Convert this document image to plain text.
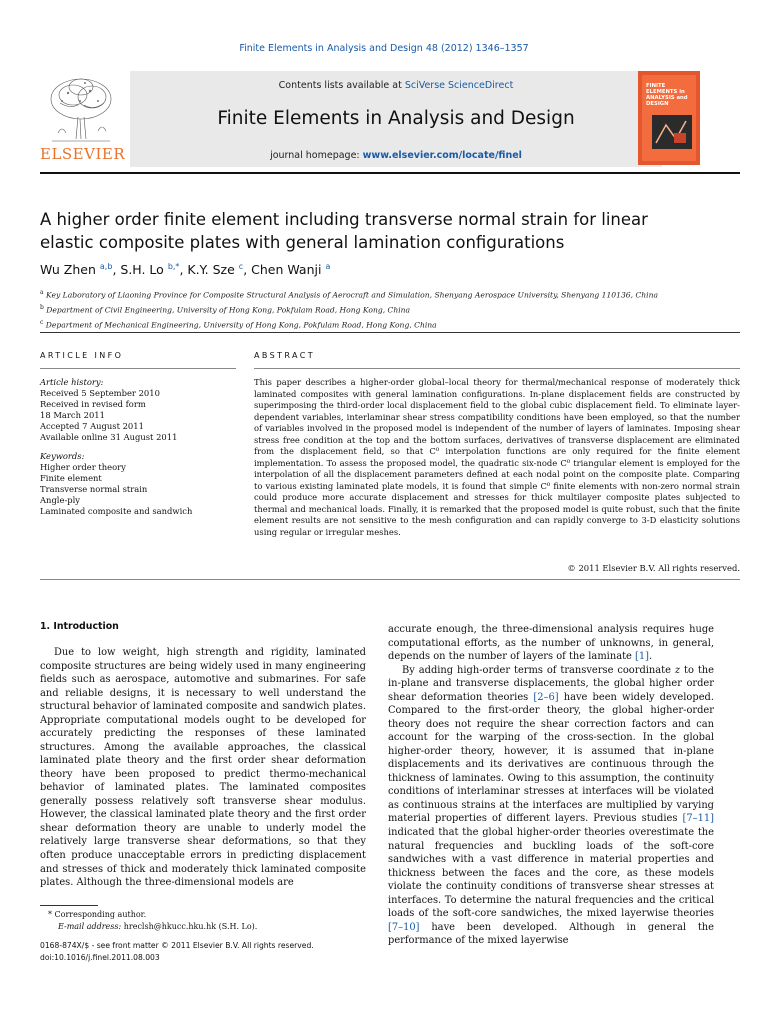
Finite Elements in Analysis and Design 48 (2012) 1346–1357
ELSEVIER
Contents lists available at SciVerse ScienceDirect
Finite Elements in Analysis and Design
journal homepage: www.elsevier.com/locate/finel
FINITE ELEMENTS in ANALYSIS and DESIGN
A higher order finite element including transverse normal strain for linear
elastic composite plates with general lamination configurations
Wu Zhen $^{a,b}$, S.H. Lo $^{b,*}$, K.Y. Sze $^c$, Chen Wanji $^a$
$^a$ Key Laboratory of Liaoning Province for Composite Structural Analysis of Aerocraft and Simulation, Shenyang Aerospace University, Shenyang 110136, China
$^b$ Department of Civil Engineering, University of Hong Kong, Pokfulam Road, Hong Kong, China
$^c$ Department of Mechanical Engineering, University of Hong Kong, Pokfulam Road, Hong Kong, China
ARTICLE INFO	ABSTRACT
Article history:
Received 5 September 2010
Received in revised form
18 March 2011
Accepted 7 August 2011
Available online 31 August 2011
Keywords:
Higher order theory
Finite element
Transverse normal strain
Angle-ply
Laminated composite and sandwich
This paper describes a higher-order global–local theory for thermal/mechanical response of moderately thick laminated composites with general lamination configurations. In-plane displacement fields are constructed by superimposing the third-order local displacement field to the global cubic displacement field. To eliminate layer-dependent variables, interlaminar shear stress compatibility conditions have been employed, so that the number of variables involved in the proposed model is independent of the number of layers of laminates. Imposing shear stress free condition at the top and the bottom surfaces, derivatives of transverse displacement are eliminated from the displacement field, so that C⁰ interpolation functions are only required for the finite element implementation. To assess the proposed model, the quadratic six-node C⁰ triangular element is employed for the interpolation of all the displacement parameters defined at each nodal point on the composite plate. Comparing to various existing laminated plate models, it is found that simple C⁰ finite elements with non-zero normal strain could produce more accurate displacement and stresses for thick multilayer composite plates subjected to thermal and mechanical loads. Finally, it is remarked that the proposed model is quite robust, such that the finite element results are not sensitive to the mesh configuration and can rapidly converge to 3-D elasticity solutions using regular or irregular meshes.
© 2011 Elsevier B.V. All rights reserved.
1. Introduction

Due to low weight, high strength and rigidity, laminated composite structures are being widely used in many engineering fields such as aerospace, automotive and submarines. For safe and reliable designs, it is necessary to well understand the structural behavior of laminated composite and sandwich plates. Appropriate computational models ought to be developed for accurately predicting the responses of these laminated structures. Among the available approaches, the classical laminated plate theory and the first order shear deformation theory have been proposed to predict thermo-mechanical behavior of laminated plates. The laminated composites generally possess relatively soft transverse shear modulus. However, the classical laminated plate theory and the first order shear deformation theory are unable to underly model the relatively large transverse shear deformations, so that they often produce unacceptable errors in predicting displacement and stresses of thick and moderately thick laminated composite plates. Although the three-dimensional models are

accurate enough, the three-dimensional analysis requires huge computational efforts, as the number of unknowns, in general, depends on the number of layers of the laminate [1].

By adding high-order terms of transverse coordinate z to the in-plane and transverse displacements, the global higher order shear deformation theories [2–6] have been widely developed. Compared to the first-order theory, the global higher-order theory does not require the shear correction factors and can account for the warping of the cross-section. In the global higher-order theory, however, it is assumed that in-plane displacements and its derivatives are continuous through the thickness of laminates. Owing to this assumption, the continuity conditions of interlaminar stresses at interfaces will be violated as continuous strains at the interfaces are multiplied by varying material properties of different layers. Previous studies [7–11] indicated that the global higher-order theories overestimate the natural frequencies and buckling loads of the soft-core sandwiches with a vast difference in material properties and thickness between the faces and the core, as these models violate the continuity conditions of transverse shear stresses at interfaces. To determine the natural frequencies and the critical loads of the soft-core sandwiches, the mixed layerwise theories [7–10] have been developed. Although in general the performance of the mixed layerwise

* Corresponding author.
E-mail address: hreclsh@hkucc.hku.hk (S.H. Lo).
0168-874X/$ - see front matter © 2011 Elsevier B.V. All rights reserved.
doi:10.1016/j.finel.2011.08.003
